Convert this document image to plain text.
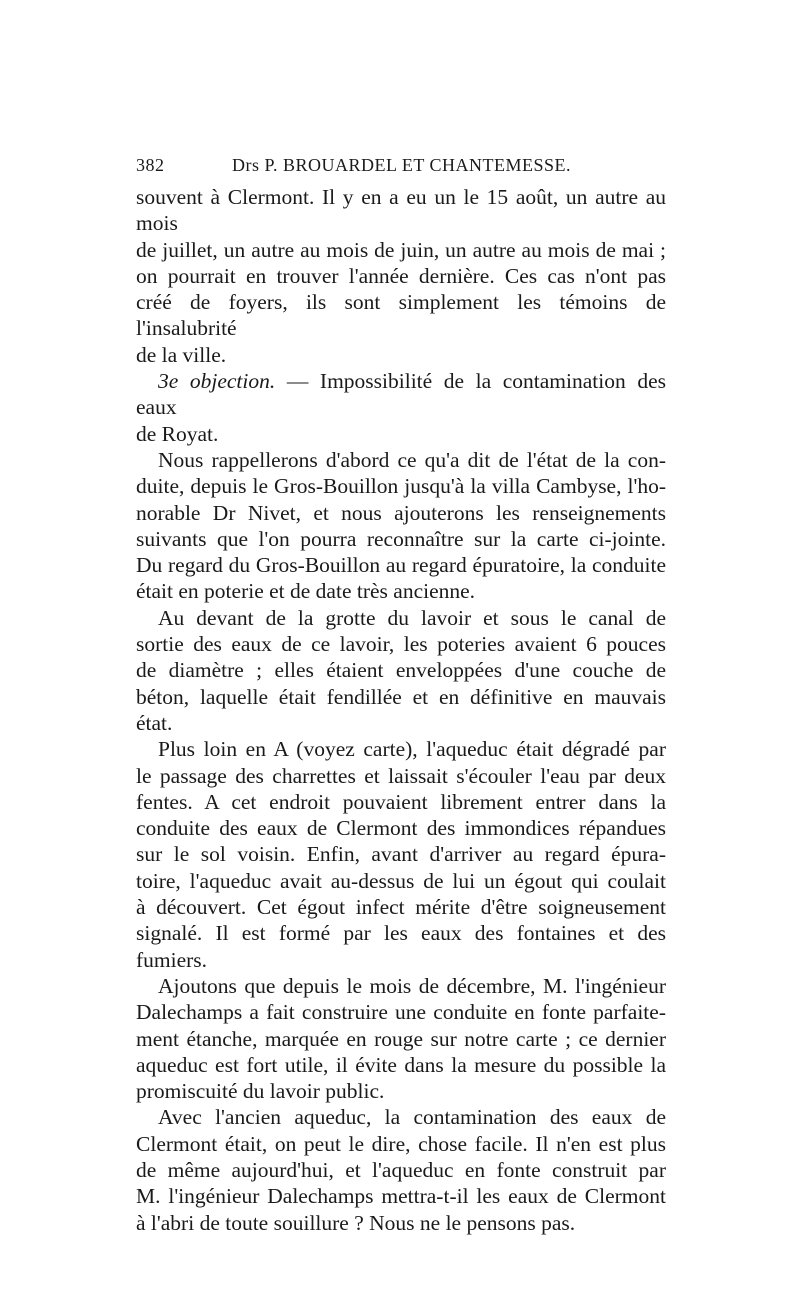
382	Drs P. BROUARDEL ET CHANTEMESSE.

souvent à Clermont. Il y en a eu un le 15 août, un autre au mois

de juillet, un autre au mois de juin, un autre au mois de mai ;

on pourrait en trouver l'année dernière. Ces cas n'ont pas

créé de foyers, ils sont simplement les témoins de l'insalubrité

de la ville.

3e objection. — Impossibilité de la contamination des eaux

de Royat.

Nous rappellerons d'abord ce qu'a dit de l'état de la con-

duite, depuis le Gros-Bouillon jusqu'à la villa Cambyse, l'ho-

norable Dr Nivet, et nous ajouterons les renseignements

suivants que l'on pourra reconnaître sur la carte ci-jointe.

Du regard du Gros-Bouillon au regard épuratoire, la conduite

était en poterie et de date très ancienne.

Au devant de la grotte du lavoir et sous le canal de

sortie des eaux de ce lavoir, les poteries avaient 6 pouces

de diamètre ; elles étaient enveloppées d'une couche de

béton, laquelle était fendillée et en définitive en mauvais

état.

Plus loin en A (voyez carte), l'aqueduc était dégradé par

le passage des charrettes et laissait s'écouler l'eau par deux

fentes. A cet endroit pouvaient librement entrer dans la

conduite des eaux de Clermont des immondices répandues

sur le sol voisin. Enfin, avant d'arriver au regard épura-

toire, l'aqueduc avait au-dessus de lui un égout qui coulait

à découvert. Cet égout infect mérite d'être soigneusement

signalé. Il est formé par les eaux des fontaines et des

fumiers.

Ajoutons que depuis le mois de décembre, M. l'ingénieur

Dalechamps a fait construire une conduite en fonte parfaite-

ment étanche, marquée en rouge sur notre carte ; ce dernier

aqueduc est fort utile, il évite dans la mesure du possible la

promiscuité du lavoir public.

Avec l'ancien aqueduc, la contamination des eaux de

Clermont était, on peut le dire, chose facile. Il n'en est plus

de même aujourd'hui, et l'aqueduc en fonte construit par

M. l'ingénieur Dalechamps mettra-t-il les eaux de Clermont

à l'abri de toute souillure ? Nous ne le pensons pas.
